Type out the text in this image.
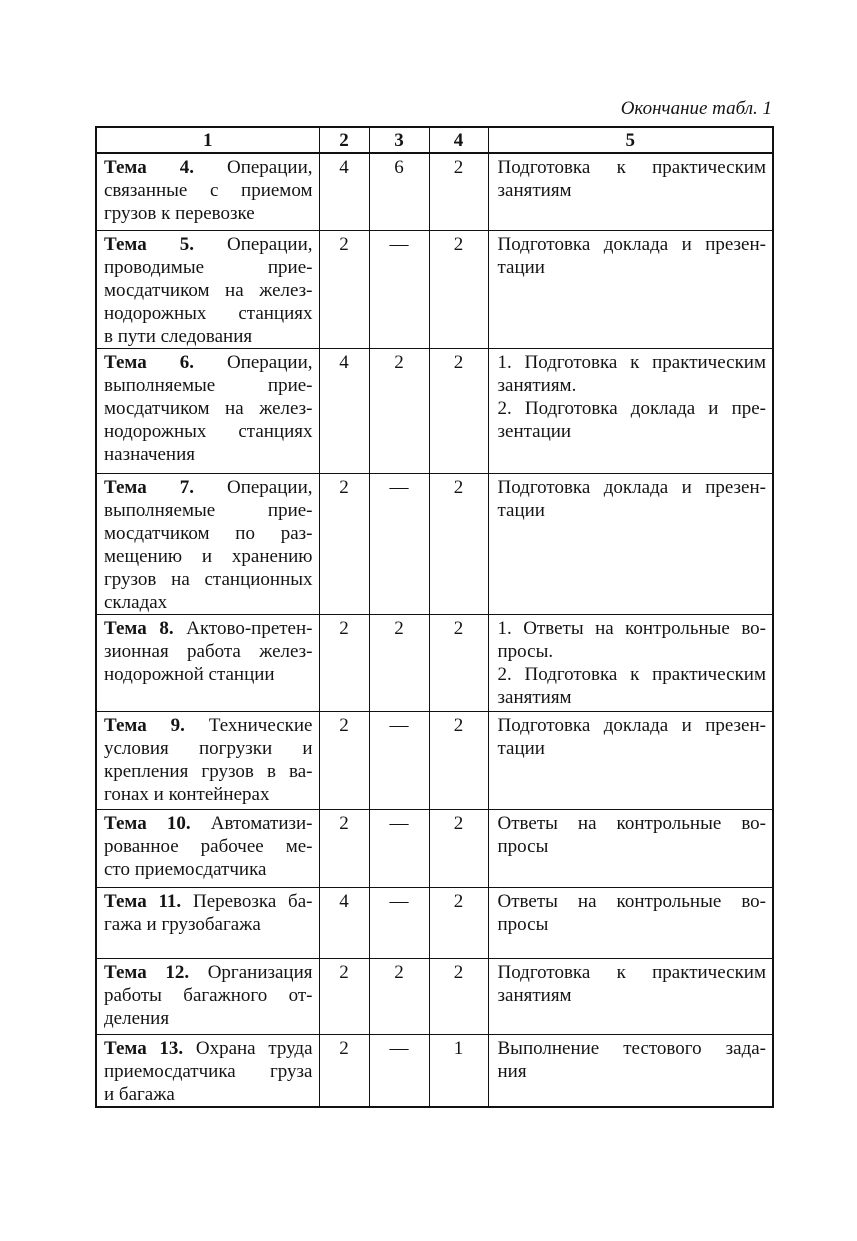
Окончание табл. 1
1	2	3	4	5

Тема 4. Операции,
связанные с приемом
грузов к перевозке
	4	6	2	Подготовка к практическим
занятиям

Тема 5. Операции,
проводимые прие-
мосдатчиком на желез-
нодорожных станциях
в пути следования
	2	—	2	Подготовка доклада и презен-
тации

Тема 6. Операции,
выполняемые прие-
мосдатчиком на желез-
нодорожных станциях
назначения
	4	2	2	1. Подготовка к практическим
занятиям.
2. Подготовка доклада и пре-
зентации

Тема 7. Операции,
выполняемые прие-
мосдатчиком по раз-
мещению и хранению
грузов на станционных
складах
	2	—	2	Подготовка доклада и презен-
тации

Тема 8. Актово-претен-
зионная работа желез-
нодорожной станции
	2	2	2	1. Ответы на контрольные во-
просы.
2. Подготовка к практическим
занятиям

Тема 9. Технические
условия погрузки и
крепления грузов в ва-
гонах и контейнерах
	2	—	2	Подготовка доклада и презен-
тации

Тема 10. Автоматизи-
рованное рабочее ме-
сто приемосдатчика
	2	—	2	Ответы на контрольные во-
просы

Тема 11. Перевозка ба-
гажа и грузобагажа
	4	—	2	Ответы на контрольные во-
просы

Тема 12. Организация
работы багажного от-
деления
	2	2	2	Подготовка к практическим
занятиям

Тема 13. Охрана труда
приемосдатчика груза
и багажа
	2	—	1	Выполнение тестового зада-
ния
